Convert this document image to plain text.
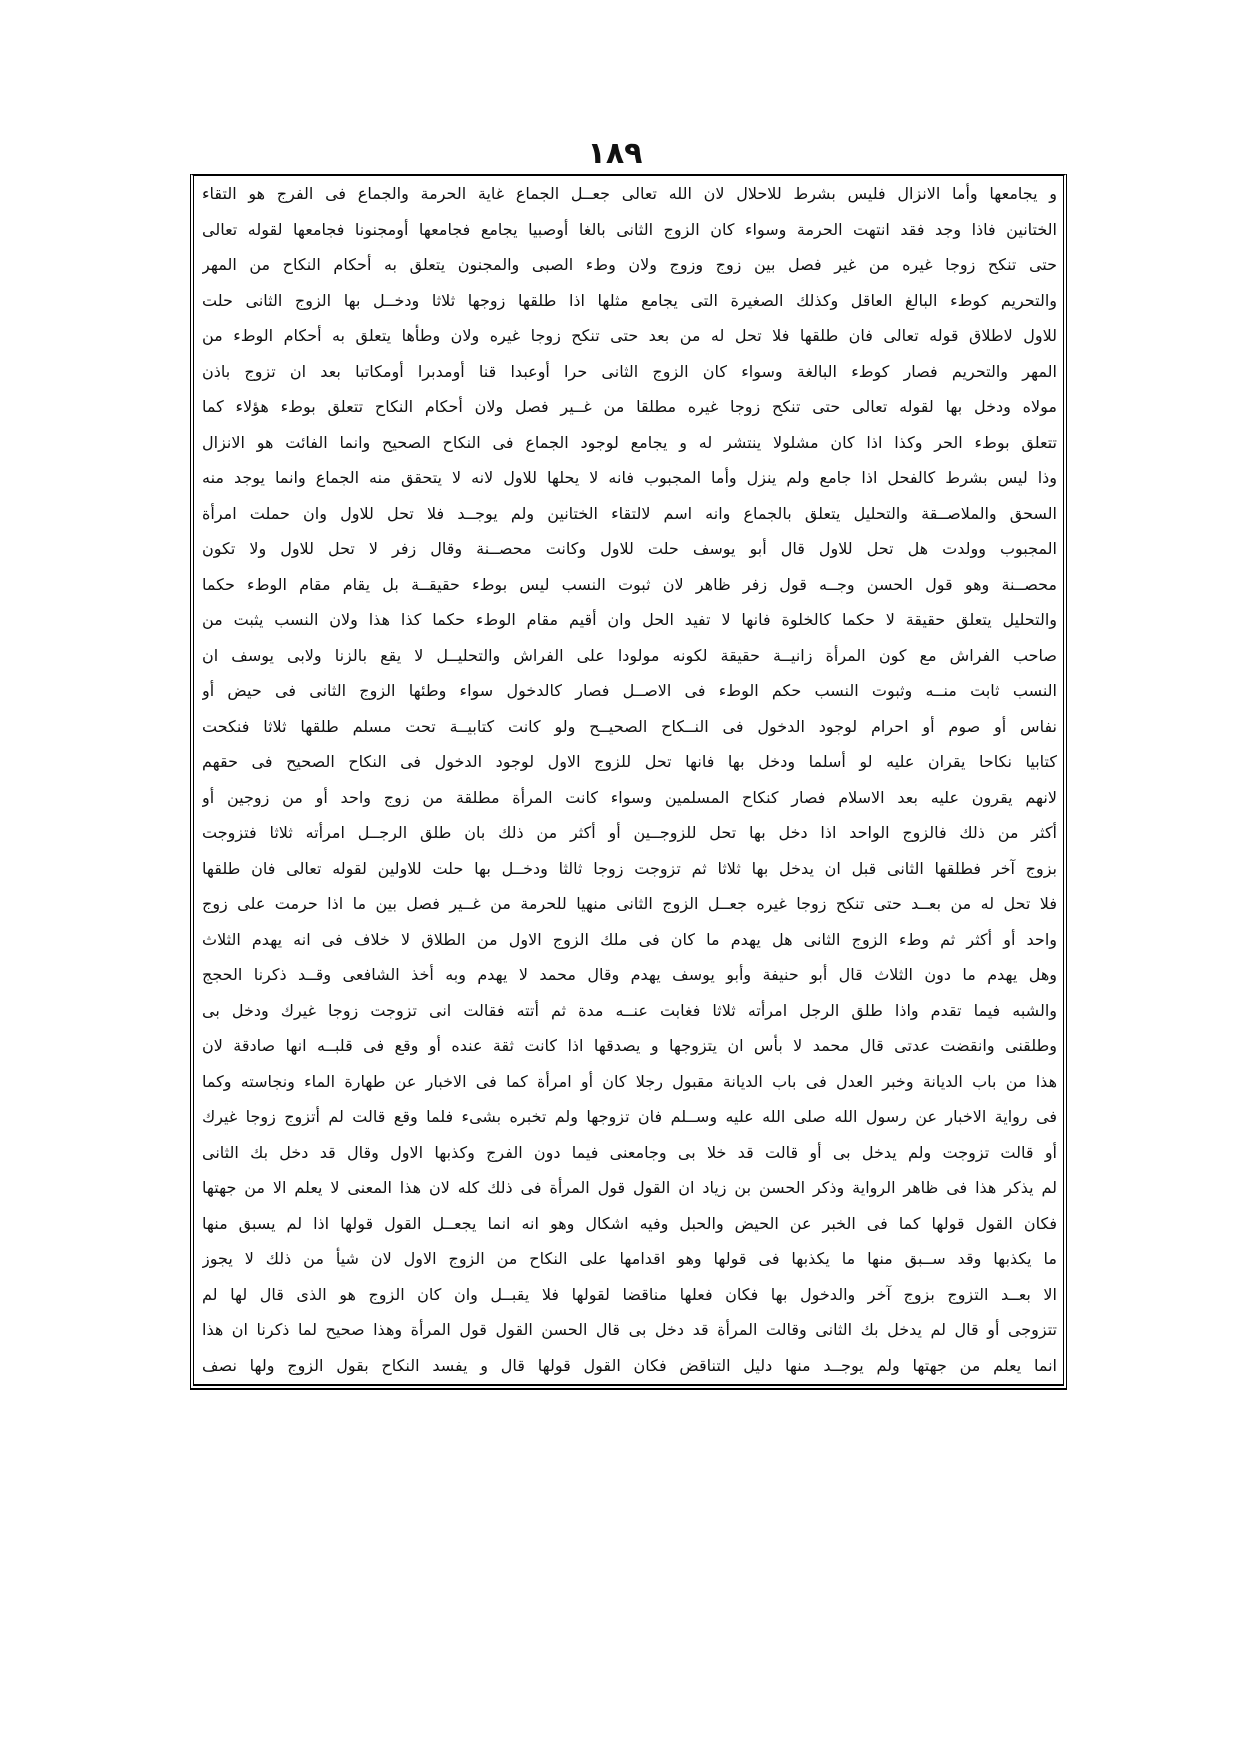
١٨٩
و يجامعها وأما الانزال فليس بشرط للاحلال لان الله تعالى جعــل الجماع غاية الحرمة والجماع فى الفرج هو التقاء
الختانين فاذا وجد فقد انتهت الحرمة وسواء كان الزوج الثانى بالغا أوصبيا يجامع فجامعها أومجنونا فجامعها لقوله تعالى
حتى تنكح زوجا غيره من غير فصل بين زوج وزوج ولان وطء الصبى والمجنون يتعلق به أحكام النكاح من المهر
والتحريم كوطء البالغ العاقل وكذلك الصغيرة التى يجامع مثلها اذا طلقها زوجها ثلاثا ودخــل بها الزوج الثانى حلت
للاول لاطلاق قوله تعالى فان طلقها فلا تحل له من بعد حتى تنكح زوجا غيره ولان وطأها يتعلق به أحكام الوطء من
المهر والتحريم فصار كوطء البالغة وسواء كان الزوج الثانى حرا أوعبدا قنا أومدبرا أومكاتبا بعد ان تزوج باذن
مولاه ودخل بها لقوله تعالى حتى تنكح زوجا غيره مطلقا من غــير فصل ولان أحكام النكاح تتعلق بوطء هؤلاء كما
تتعلق بوطء الحر وكذا اذا كان مشلولا ينتشر له و يجامع لوجود الجماع فى النكاح الصحيح وانما الفائت هو الانزال
وذا ليس بشرط كالفحل اذا جامع ولم ينزل وأما المجبوب فانه لا يحلها للاول لانه لا يتحقق منه الجماع وانما يوجد منه
السحق والملاصــقة والتحليل يتعلق بالجماع وانه اسم لالتقاء الختانين ولم يوجــد فلا تحل للاول وان حملت امرأة
المجبوب وولدت هل تحل للاول قال أبو يوسف حلت للاول وكانت محصــنة وقال زفر لا تحل للاول ولا تكون
محصــنة وهو قول الحسن وجــه قول زفر ظاهر لان ثبوت النسب ليس بوطء حقيقــة بل يقام مقام الوطء حكما
والتحليل يتعلق حقيقة لا حكما كالخلوة فانها لا تفيد الحل وان أقيم مقام الوطء حكما كذا هذا ولان النسب يثبت من
صاحب الفراش مع كون المرأة زانيــة حقيقة لكونه مولودا على الفراش والتحليــل لا يقع بالزنا ولابى يوسف ان
النسب ثابت منــه وثبوت النسب حكم الوطء فى الاصــل فصار كالدخول سواء وطئها الزوج الثانى فى حيض أو
نفاس أو صوم أو احرام لوجود الدخول فى النــكاح الصحيــح ولو كانت كتابيــة تحت مسلم طلقها ثلاثا فنكحت
كتابيا نكاحا يقران عليه لو أسلما ودخل بها فانها تحل للزوج الاول لوجود الدخول فى النكاح الصحيح فى حقهم
لانهم يقرون عليه بعد الاسلام فصار كنكاح المسلمين وسواء كانت المرأة مطلقة من زوج واحد أو من زوجين أو
أكثر من ذلك فالزوج الواحد اذا دخل بها تحل للزوجــين أو أكثر من ذلك بان طلق الرجــل امرأته ثلاثا فتزوجت
بزوج آخر فطلقها الثانى قبل ان يدخل بها ثلاثا ثم تزوجت زوجا ثالثا ودخــل بها حلت للاولين لقوله تعالى فان طلقها
فلا تحل له من بعــد حتى تنكح زوجا غيره جعــل الزوج الثانى منهيا للحرمة من غــير فصل بين ما اذا حرمت على زوج
واحد أو أكثر ثم وطء الزوج الثانى هل يهدم ما كان فى ملك الزوج الاول من الطلاق لا خلاف فى انه يهدم الثلاث
وهل يهدم ما دون الثلاث قال أبو حنيفة وأبو يوسف يهدم وقال محمد لا يهدم وبه أخذ الشافعى وقــد ذكرنا الحجج
والشبه فيما تقدم واذا طلق الرجل امرأته ثلاثا فغابت عنــه مدة ثم أتته فقالت انى تزوجت زوجا غيرك ودخل بى
وطلقنى وانقضت عدتى قال محمد لا بأس ان يتزوجها و يصدقها اذا كانت ثقة عنده أو وقع فى قلبــه انها صادقة لان
هذا من باب الديانة وخبر العدل فى باب الديانة مقبول رجلا كان أو امرأة كما فى الاخبار عن طهارة الماء ونجاسته وكما
فى رواية الاخبار عن رسول الله صلى الله عليه وســلم فان تزوجها ولم تخبره بشىء فلما وقع قالت لم أتزوج زوجا غيرك
أو قالت تزوجت ولم يدخل بى أو قالت قد خلا بى وجامعنى فيما دون الفرج وكذبها الاول وقال قد دخل بك الثانى
لم يذكر هذا فى ظاهر الرواية وذكر الحسن بن زياد ان القول قول المرأة فى ذلك كله لان هذا المعنى لا يعلم الا من جهتها
فكان القول قولها كما فى الخبر عن الحيض والحبل وفيه اشكال وهو انه انما يجعــل القول قولها اذا لم يسبق منها
ما يكذبها وقد ســبق منها ما يكذبها فى قولها وهو اقدامها على النكاح من الزوج الاول لان شيأ من ذلك لا يجوز
الا بعــد التزوج بزوج آخر والدخول بها فكان فعلها مناقضا لقولها فلا يقبــل وان كان الزوج هو الذى قال لها لم
تتزوجى أو قال لم يدخل بك الثانى وقالت المرأة قد دخل بى قال الحسن القول قول المرأة وهذا صحيح لما ذكرنا ان هذا
انما يعلم من جهتها ولم يوجــد منها دليل التناقض فكان القول قولها قال و يفسد النكاح بقول الزوج ولها نصف
